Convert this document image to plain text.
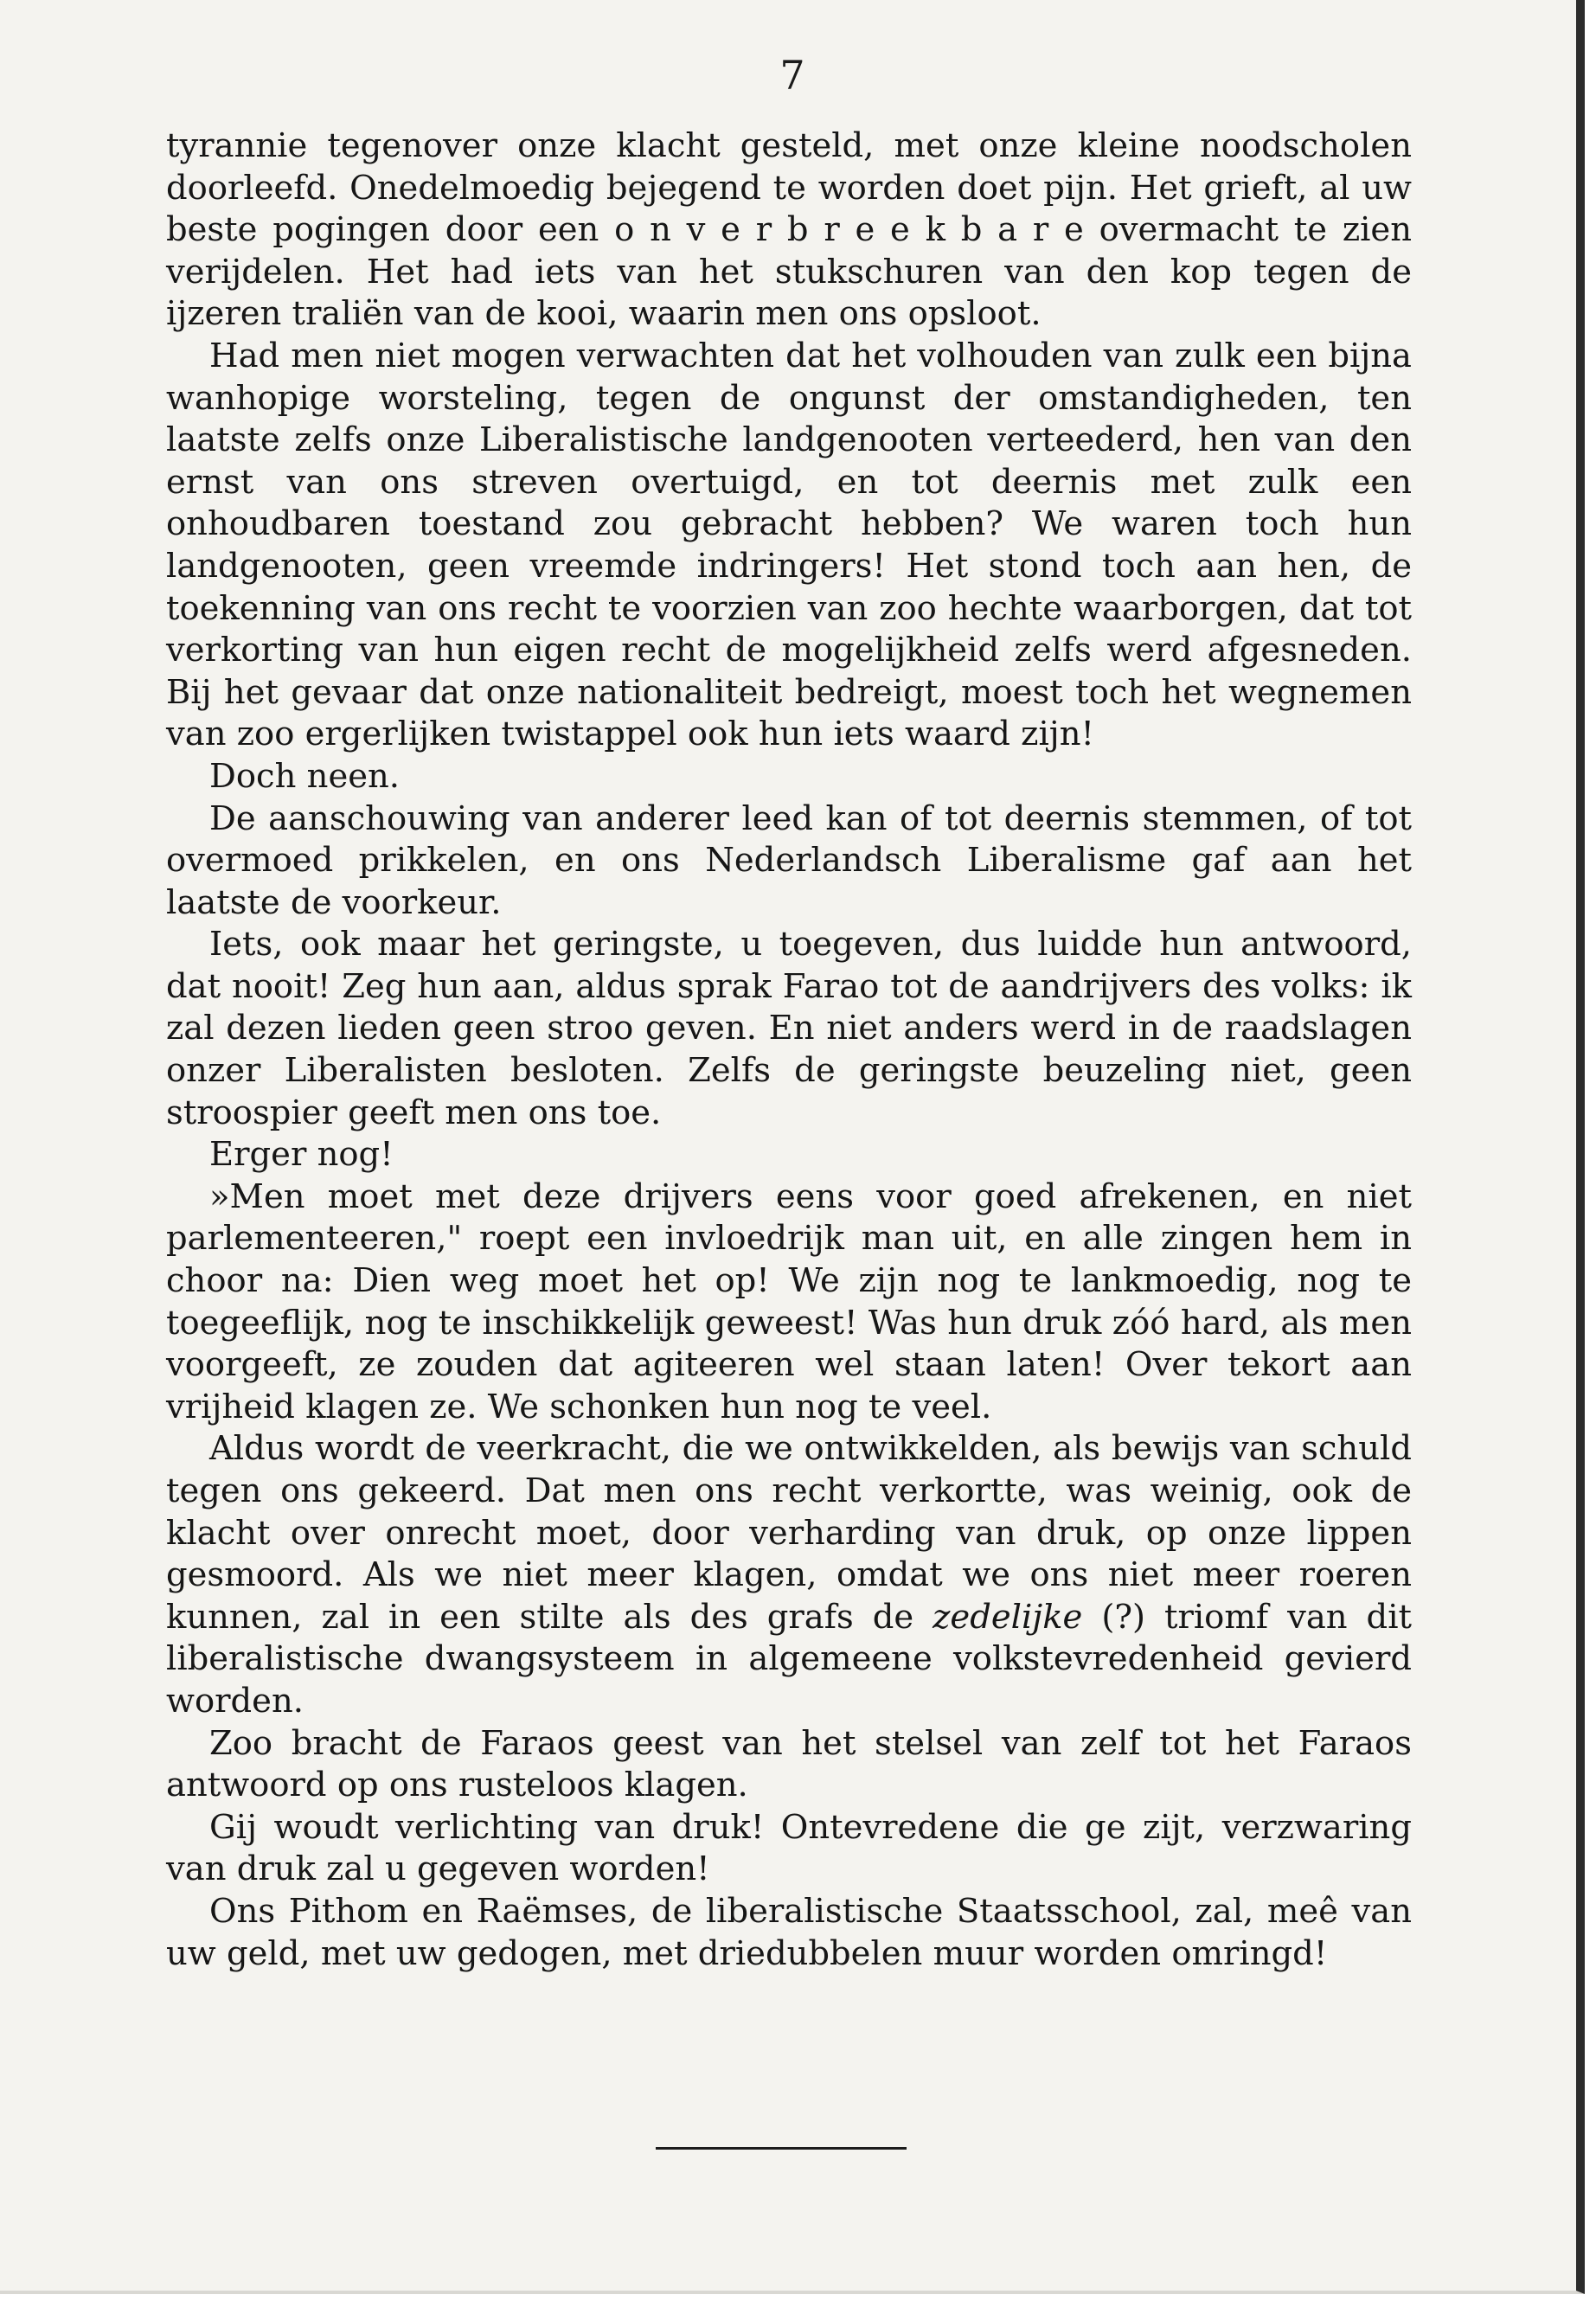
7

tyrannie tegenover onze klacht gesteld, met onze kleine noodscholen doorleefd. Onedelmoedig bejegend te worden doet pijn. Het grieft, al uw beste pogingen door een o n v e r b r e e k b a r e overmacht te zien verijdelen. Het had iets van het stukschuren van den kop tegen de ijzeren traliën van de kooi, waarin men ons opsloot.

Had men niet mogen verwachten dat het volhouden van zulk een bijna wanhopige worsteling, tegen de ongunst der omstandigheden, ten laatste zelfs onze Liberalistische landgenooten verteederd, hen van den ernst van ons streven overtuigd, en tot deernis met zulk een onhoudbaren toestand zou gebracht hebben? We waren toch hun landgenooten, geen vreemde indringers! Het stond toch aan hen, de toekenning van ons recht te voorzien van zoo hechte waarborgen, dat tot verkorting van hun eigen recht de mogelijkheid zelfs werd afgesneden. Bij het gevaar dat onze nationaliteit bedreigt, moest toch het wegnemen van zoo ergerlijken twistappel ook hun iets waard zijn!

Doch neen.

De aanschouwing van anderer leed kan of tot deernis stemmen, of tot overmoed prikkelen, en ons Nederlandsch Liberalisme gaf aan het laatste de voorkeur.

Iets, ook maar het geringste, u toegeven, dus luidde hun antwoord, dat nooit! Zeg hun aan, aldus sprak Farao tot de aandrijvers des volks: ik zal dezen lieden geen stroo geven. En niet anders werd in de raadslagen onzer Liberalisten besloten. Zelfs de geringste beuzeling niet, geen stroospier geeft men ons toe.

Erger nog!

»Men moet met deze drijvers eens voor goed afrekenen, en niet parlementeeren," roept een invloedrijk man uit, en alle zingen hem in choor na: Dien weg moet het op! We zijn nog te lankmoedig, nog te toegeeflijk, nog te inschikkelijk geweest! Was hun druk zóó hard, als men voorgeeft, ze zouden dat agiteeren wel staan laten! Over tekort aan vrijheid klagen ze. We schonken hun nog te veel.

Aldus wordt de veerkracht, die we ontwikkelden, als bewijs van schuld tegen ons gekeerd. Dat men ons recht verkortte, was weinig, ook de klacht over onrecht moet, door verharding van druk, op onze lippen gesmoord. Als we niet meer klagen, omdat we ons niet meer roeren kunnen, zal in een stilte als des grafs de zedelijke (?) triomf van dit liberalistische dwangsysteem in algemeene volkstevredenheid gevierd worden.

Zoo bracht de Faraos geest van het stelsel van zelf tot het Faraos antwoord op ons rusteloos klagen.

Gij woudt verlichting van druk! Ontevredene die ge zijt, verzwaring van druk zal u gegeven worden!

Ons Pithom en Raëmses, de liberalistische Staatsschool, zal, meê van uw geld, met uw gedogen, met driedubbelen muur worden omringd!
